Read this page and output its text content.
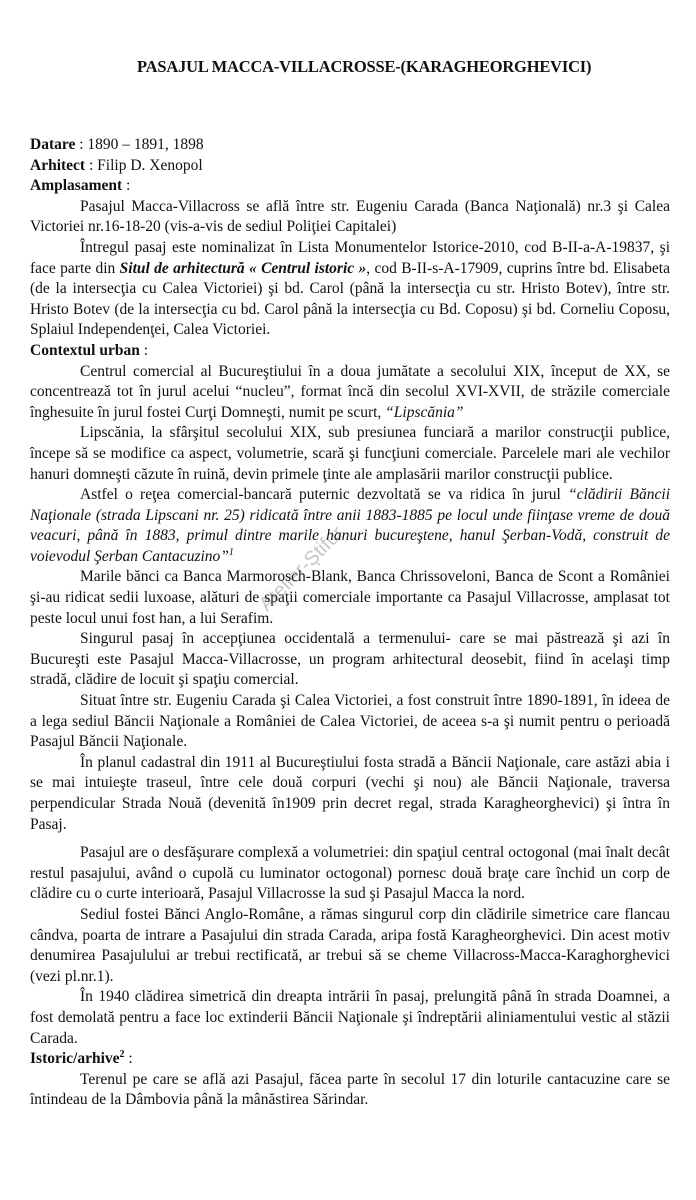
PASAJUL MACCA-VILLACROSSE-(KARAGHEORGHEVICI)

Datare : 1890 – 1891, 1898

Arhitect : Filip D. Xenopol

Amplasament :

Pasajul Macca-Villacross se află între str. Eugeniu Carada (Banca Naţională) nr.3 şi Calea Victoriei nr.16-18-20 (vis-a-vis de sediul Poliţiei Capitalei)

Întregul pasaj este nominalizat în Lista Monumentelor Istorice-2010, cod B-II-a-A-19837, şi face parte din Situl de arhitectură « Centrul istoric », cod B-II-s-A-17909, cuprins între bd. Elisabeta (de la intersecţia cu Calea Victoriei) şi bd. Carol (până la intersecţia cu str. Hristo Botev), între str. Hristo Botev (de la intersecţia cu bd. Carol până la intersecţia cu Bd. Coposu) şi bd. Corneliu Coposu, Splaiul Independenţei, Calea Victoriei.

Contextul urban :

Centrul comercial al Bucureştiului în a doua jumătate a secolului XIX, început de XX, se concentrează tot în jurul acelui “nucleu”, format încă din secolul XVI-XVII, de străzile comerciale înghesuite în jurul fostei Curţi Domneşti, numit pe scurt, “Lipscănia”

Lipscănia, la sfârşitul secolului XIX, sub presiunea funciară a marilor construcţii publice, începe să se modifice ca aspect, volumetrie, scară şi funcţiuni comerciale. Parcelele mari ale vechilor hanuri domneşti căzute în ruină, devin primele ţinte ale amplasării marilor construcţii publice.

Astfel o reţea comercial-bancară puternic dezvoltată se va ridica în jurul “clădirii Băncii Naţionale (strada Lipscani nr. 25) ridicată între anii 1883-1885 pe locul unde fiinţase vreme de două veacuri, până în 1883, primul dintre marile hanuri bucureştene, hanul Şerban-Vodă, construit de voievodul Şerban Cantacuzino”$^1$

Marile bănci ca Banca Marmorosch-Blank, Banca Chrissoveloni, Banca de Scont a României şi-au ridicat sedii luxoase, alături de spaţii comerciale importante ca Pasajul Villacrosse, amplasat tot peste locul unui fost han, a lui Serafim.

Singurul pasaj în accepţiunea occidentală a termenului- care se mai păstrează şi azi în Bucureşti este Pasajul Macca-Villacrosse, un program arhitectural deosebit, fiind în acelaşi timp stradă, clădire de locuit şi spaţiu comercial.

Situat între str. Eugeniu Carada şi Calea Victoriei, a fost construit între 1890-1891, în ideea de a lega sediul Băncii Naţionale a României de Calea Victoriei, de aceea s-a şi numit pentru o perioadă Pasajul Băncii Naţionale.

În planul cadastral din 1911 al Bucureştiului fosta stradă a Băncii Naţionale, care astăzi abia i se mai intuieşte traseul, între cele două corpuri (vechi şi nou) ale Băncii Naţionale, traversa perpendicular Strada Nouă (devenită în1909 prin decret regal, strada Karagheorghevici) şi întra în Pasaj.

Pasajul are o desfăşurare complexă a volumetriei: din spaţiul central octogonal (mai înalt decât restul pasajului, având o cupolă cu luminator octogonal) pornesc două braţe care închid un corp de clădire cu o curte interioară, Pasajul Villacrosse la sud şi Pasajul Macca la nord.

Sediul fostei Bănci Anglo-Române, a rămas singurul corp din clădirile simetrice care flancau cândva, poarta de intrare a Pasajului din strada Carada, aripa fostă Karagheorghevici. Din acest motiv denumirea Pasajulului ar trebui rectificată, ar trebui să se cheme Villacross-Macca-Karaghorghevici (vezi pl.nr.1).

În 1940 clădirea simetrică din dreapta intrării în pasaj, prelungită până în strada Doamnei, a fost demolată pentru a face loc extinderii Băncii Naţionale şi îndreptării aliniamentului vestic al stăzii Carada.

Istoric/arhive$^2$ :

Terenul pe care se află azi Pasajul, făcea parte în secolul 17 din loturile cantacuzine care se întindeau de la Dâmbovia până la mânăstirea Sărindar.

Atelier-Știfur
